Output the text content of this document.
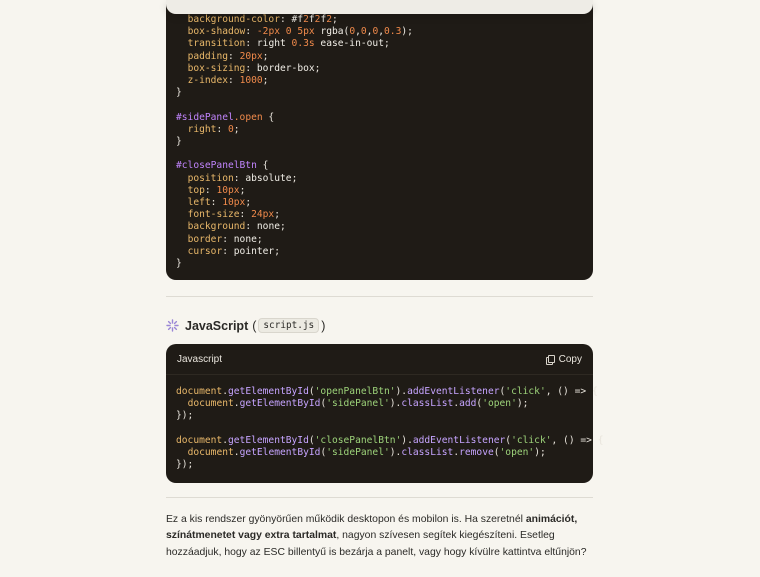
background-color: #f2f2f2;
box-shadow: -2px 0 5px rgba(0,0,0,0.3);
transition: right 0.3s ease-in-out;
padding: 20px;
box-sizing: border-box;
z-index: 1000;
}

#sidePanel.open {
right: 0;
}

#closePanelBtn {
position: absolute;
top: 10px;
left: 10px;
font-size: 24px;
background: none;
border: none;
cursor: pointer;
}

JavaScript ( script.js )
Javascript	Copy
document.getElementById('openPanelBtn').addEventListener('click', () => {
document.getElementById('sidePanel').classList.add('open');
});

document.getElementById('closePanelBtn').addEventListener('click', () => {
document.getElementById('sidePanel').classList.remove('open');
});

Ez a kis rendszer gyönyörűen működik desktopon és mobilon is. Ha szeretnél animációt, színátmenetet vagy extra tartalmat, nagyon szívesen segítek kiegészíteni. Esetleg hozzáadjuk, hogy az ESC billentyű is bezárja a panelt, vagy hogy kívülre kattintva eltűnjön?
